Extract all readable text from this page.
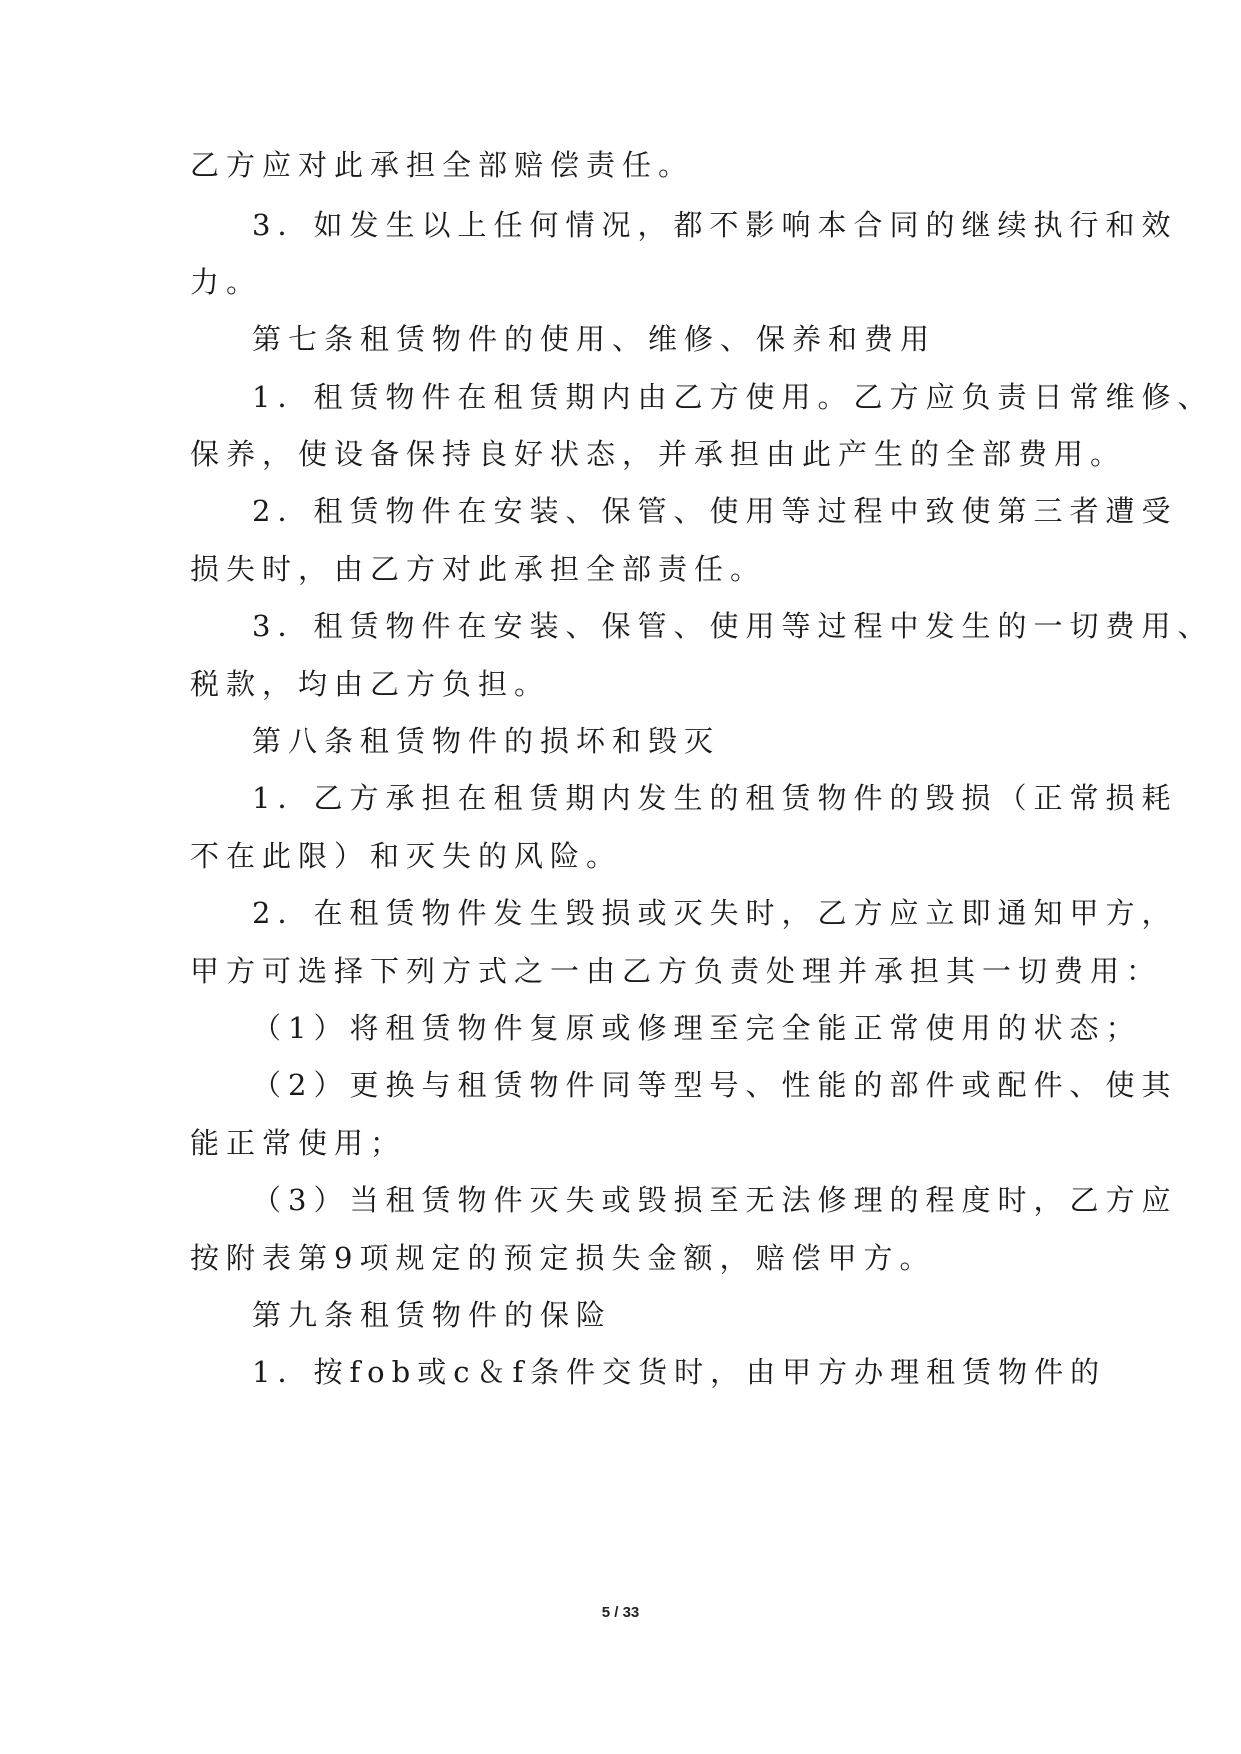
乙方应对此承担全部赔偿责任。
3．如发生以上任何情况，都不影响本合同的继续执行和效
力。
第七条租赁物件的使用、维修、保养和费用
1．租赁物件在租赁期内由乙方使用。乙方应负责日常维修、
保养，使设备保持良好状态，并承担由此产生的全部费用。
2．租赁物件在安装、保管、使用等过程中致使第三者遭受
损失时，由乙方对此承担全部责任。
3．租赁物件在安装、保管、使用等过程中发生的一切费用、
税款，均由乙方负担。
第八条租赁物件的损坏和毁灭
1．乙方承担在租赁期内发生的租赁物件的毁损（正常损耗
不在此限）和灭失的风险。
2．在租赁物件发生毁损或灭失时，乙方应立即通知甲方，
甲方可选择下列方式之一由乙方负责处理并承担其一切费用：
（1）将租赁物件复原或修理至完全能正常使用的状态；
（2）更换与租赁物件同等型号、性能的部件或配件、使其
能正常使用；
（3）当租赁物件灭失或毁损至无法修理的程度时，乙方应
按附表第9项规定的预定损失金额，赔偿甲方。
第九条租赁物件的保险
1．按fob或c＆f条件交货时，由甲方办理租赁物件的
5 / 33
